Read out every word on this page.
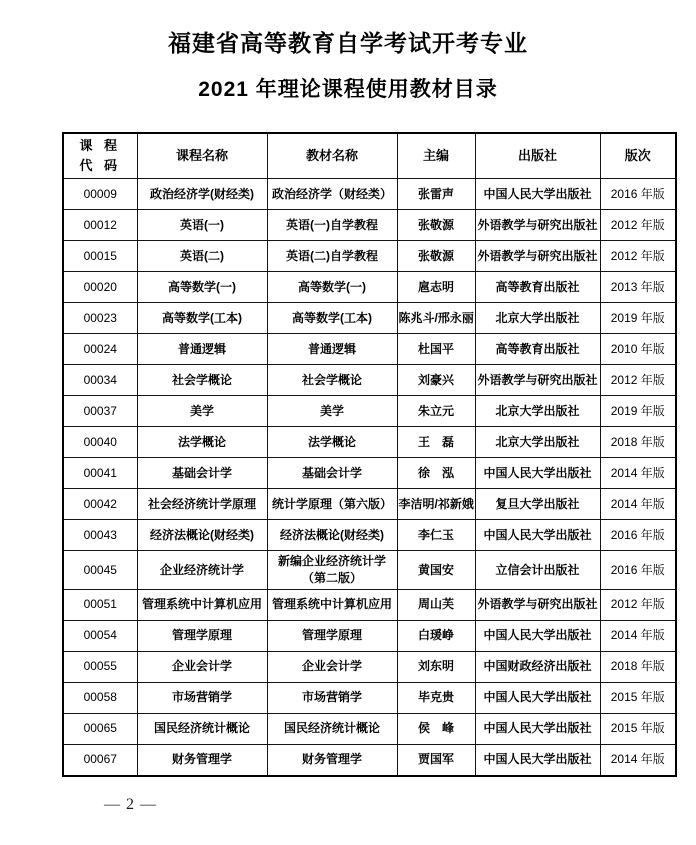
福建省高等教育自学考试开考专业
2021 年理论课程使用教材目录
课 程
代 码	课程名称	教材名称	主编	出版社	版次
00009	政治经济学(财经类)	政治经济学（财经类）	张雷声	中国人民大学出版社	2016 年版
00012	英语(一)	英语(一)自学教程	张敬源	外语教学与研究出版社	2012 年版
00015	英语(二)	英语(二)自学教程	张敬源	外语教学与研究出版社	2012 年版
00020	高等数学(一)	高等数学(一)	扈志明	高等教育出版社	2013 年版
00023	高等数学(工本)	高等数学(工本)	陈兆斗/邢永丽	北京大学出版社	2019 年版
00024	普通逻辑	普通逻辑	杜国平	高等教育出版社	2010 年版
00034	社会学概论	社会学概论	刘豪兴	外语教学与研究出版社	2012 年版
00037	美学	美学	朱立元	北京大学出版社	2019 年版
00040	法学概论	法学概论	王　磊	北京大学出版社	2018 年版
00041	基础会计学	基础会计学	徐　泓	中国人民大学出版社	2014 年版
00042	社会经济统计学原理	统计学原理（第六版）	李洁明/祁新娥	复旦大学出版社	2014 年版
00043	经济法概论(财经类)	经济法概论(财经类)	李仁玉	中国人民大学出版社	2016 年版
00045	企业经济统计学	新编企业经济统计学（第二版）	黄国安	立信会计出版社	2016 年版
00051	管理系统中计算机应用	管理系统中计算机应用	周山芙	外语教学与研究出版社	2012 年版
00054	管理学原理	管理学原理	白瑗峥	中国人民大学出版社	2014 年版
00055	企业会计学	企业会计学	刘东明	中国财政经济出版社	2018 年版
00058	市场营销学	市场营销学	毕克贵	中国人民大学出版社	2015 年版
00065	国民经济统计概论	国民经济统计概论	侯　峰	中国人民大学出版社	2015 年版
00067	财务管理学	财务管理学	贾国军	中国人民大学出版社	2014 年版
— 2 —
